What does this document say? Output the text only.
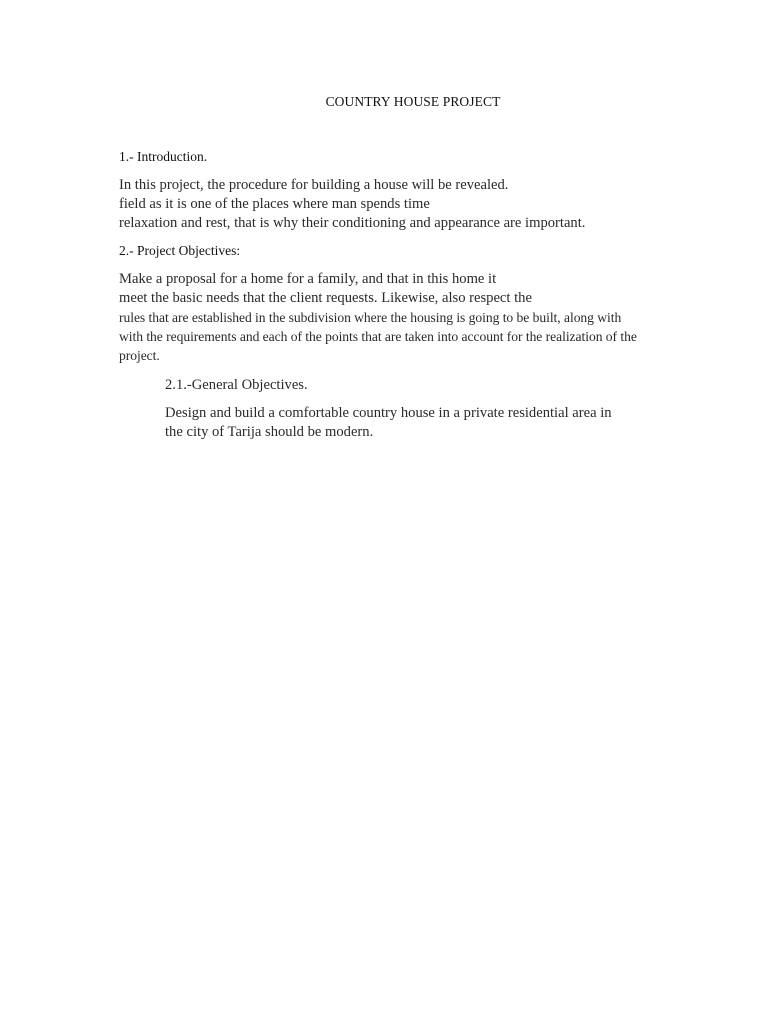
COUNTRY HOUSE PROJECT
1.- Introduction.
In this project, the procedure for building a house will be revealed.
field as it is one of the places where man spends time
relaxation and rest, that is why their conditioning and appearance are important.
2.- Project Objectives:
Make a proposal for a home for a family, and that in this home it
meet the basic needs that the client requests. Likewise, also respect the
rules that are established in the subdivision where the housing is going to be built, along with
with the requirements and each of the points that are taken into account for the realization of the
project.
2.1.-General Objectives.
Design and build a comfortable country house in a private residential area in
the city of Tarija should be modern.
